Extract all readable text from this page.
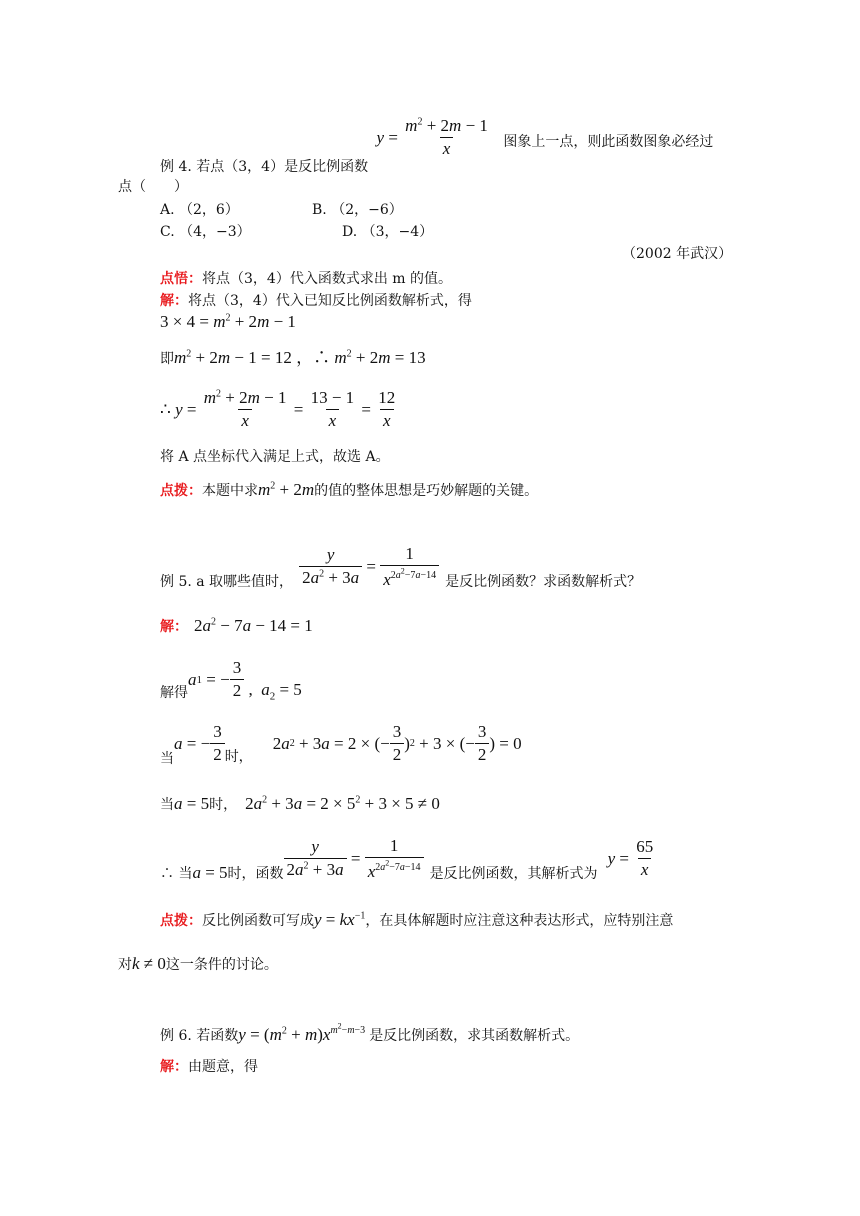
例 4. 若点（3，4）是反比例函数
$y = \frac{m^2 + 2m - 1}{x}$ 图象上一点，则此函数图象必经过
点（　　）
A. （2，6）	B. （2，−6）
C. （4，−3）	D. （3，−4）
（2002 年武汉）
点悟：将点（3，4）代入函数式求出 m 的值。
解：将点（3，4）代入已知反比例函数解析式，得
$3 \times 4 = m^2 + 2m - 1$
即$m^2 + 2m - 1 = 12$ ，∴ $m^2 + 2m = 13$
∴ $y = \frac{m^2 + 2m - 1}{x} = \frac{13 - 1}{x} = \frac{12}{x}$
将 A 点坐标代入满足上式，故选 A。
点拨：本题中求$m^2 + 2m$的值的整体思想是巧妙解题的关键。
例 5. a 取哪些值时， $\frac{y}{2a^2 + 3a} = \frac{1}{x^{2a^2-7a-14}}$ 是反比例函数？求函数解析式？
解： $2a^2 - 7a - 14 = 1$
解得
a 1 = − $\frac{3}{2}$ ,  $a_2 = 5$
当
a = − $\frac{3}{2}$ 时，
2 a 2 + 3 a = 2 × (− $\frac{3}{2}$ ) 2 + 3 × (− $\frac{3}{2}$ ) = 0
当a = 5时， $2a^2 + 3a = 2 \times 5^2 + 3 \times 5 \ne 0$
∴ 当 a = 5 时，函数 $\frac{y}{2a^2 + 3a} = \frac{1}{x^{2a^2-7a-14}}$ 是反比例函数，其解析式为
$y = \frac{65}{x}$
点拨：反比例函数可写成$y = kx^{-1}$，在具体解题时应注意这种表达形式，应特别注意
对k ≠ 0这一条件的讨论。
例 6. 若函数$y = (m^2 + m)x^{m^2-m-3}$ 是反比例函数，求其函数解析式。
解：由题意，得
